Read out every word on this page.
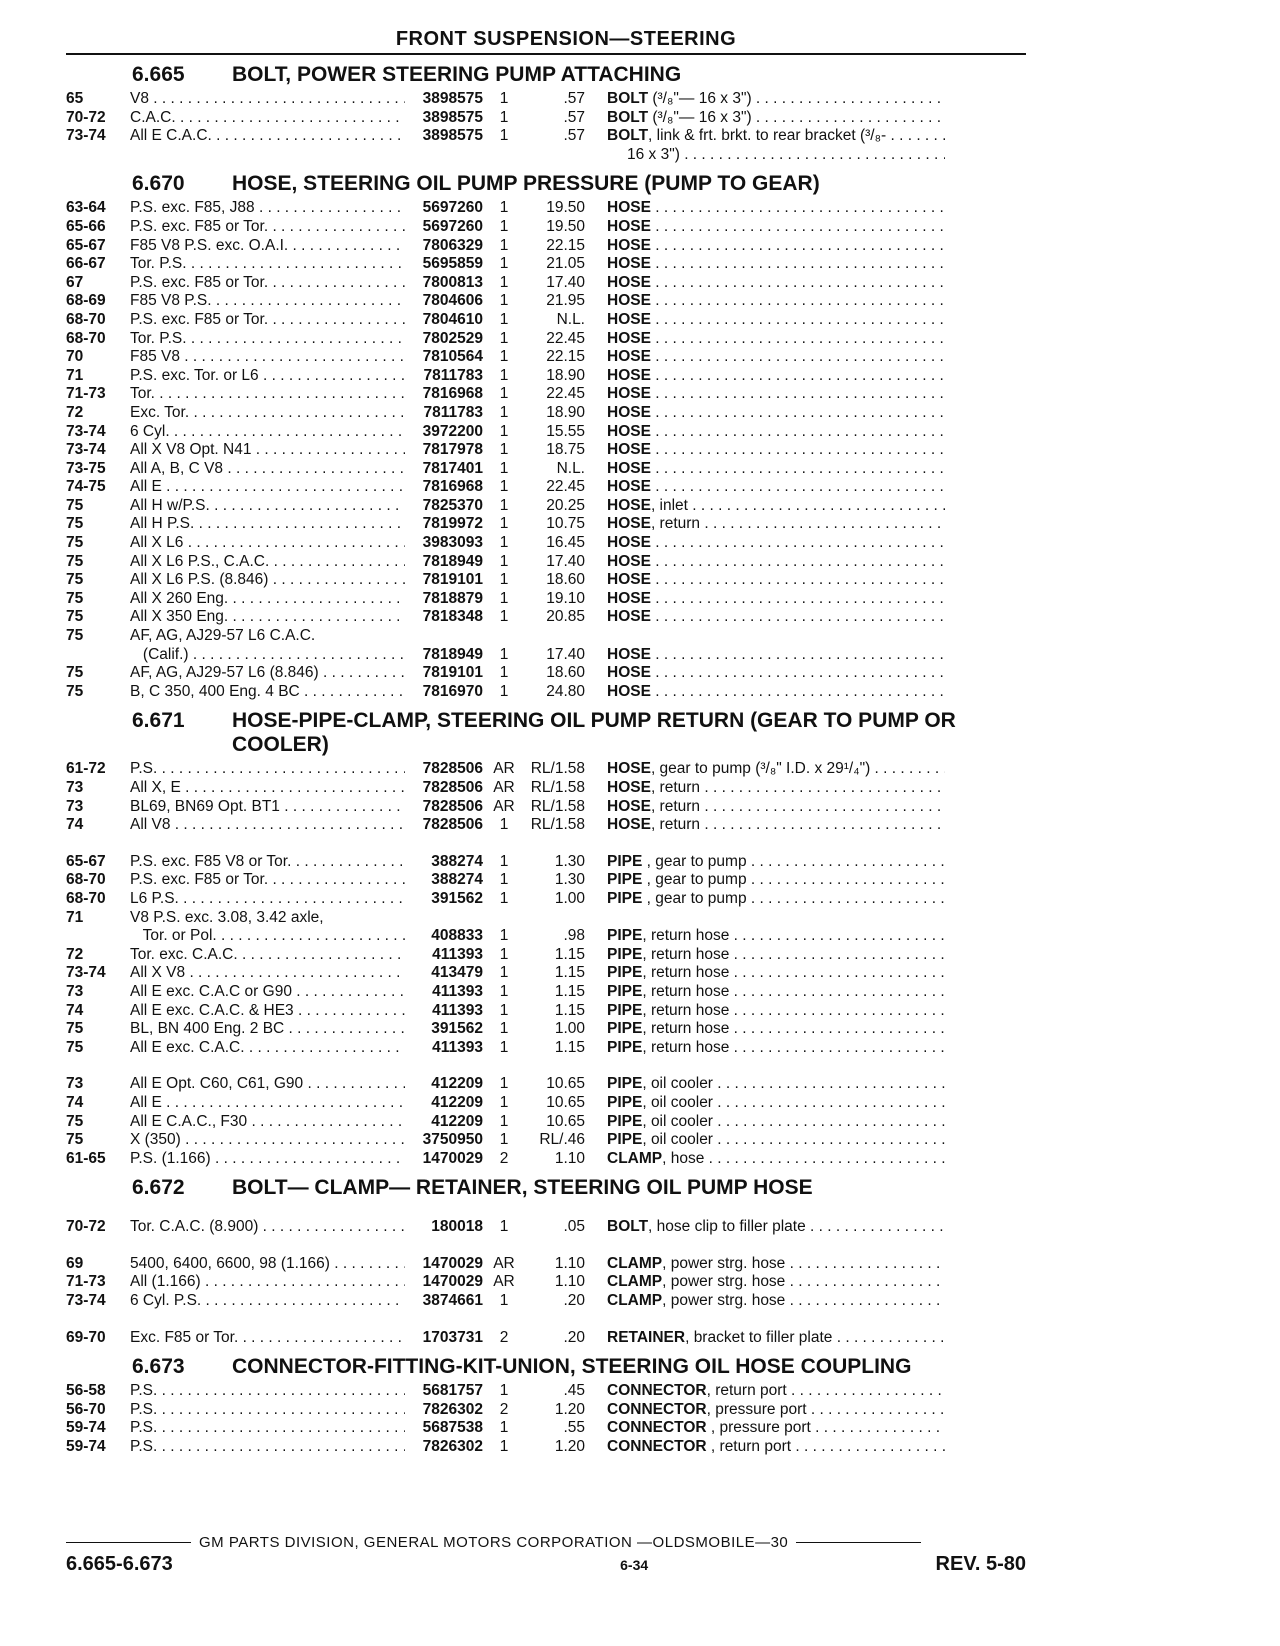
FRONT SUSPENSION—STEERING
6.665	BOLT, POWER STEERING PUMP ATTACHING
65	V8 . . .	3898575	1	.57	BOLT (³/₈"— 16 x 3") . . .
70-72	C.A.C. . . .	3898575	1	.57	BOLT (³/₈"— 16 x 3") . . .
73-74	All E C.A.C. . . .	3898575	1	.57	BOLT, link & frt. brkt. to rear bracket (³/₈- . . .
16 x 3") . . .
6.670	HOSE, STEERING OIL PUMP PRESSURE (PUMP TO GEAR)
63-64	P.S. exc. F85, J88 . . .	5697260	1	19.50	HOSE . . .
65-66	P.S. exc. F85 or Tor. . . .	5697260	1	19.50	HOSE . . .
65-67	F85 V8 P.S. exc. O.A.I. . . .	7806329	1	22.15	HOSE . . .
66-67	Tor. P.S. . . .	5695859	1	21.05	HOSE . . .
67	P.S. exc. F85 or Tor. . . .	7800813	1	17.40	HOSE . . .
68-69	F85 V8 P.S. . . .	7804606	1	21.95	HOSE . . .
68-70	P.S. exc. F85 or Tor. . . .	7804610	1	N.L.	HOSE . . .
68-70	Tor. P.S. . . .	7802529	1	22.45	HOSE . . .
70	F85 V8 . . .	7810564	1	22.15	HOSE . . .
71	P.S. exc. Tor. or L6 . . .	7811783	1	18.90	HOSE . . .
71-73	Tor. . . .	7816968	1	22.45	HOSE . . .
72	Exc. Tor. . . .	7811783	1	18.90	HOSE . . .
73-74	6 Cyl. . . .	3972200	1	15.55	HOSE . . .
73-74	All X V8 Opt. N41 . . .	7817978	1	18.75	HOSE . . .
73-75	All A, B, C V8 . . .	7817401	1	N.L.	HOSE . . .
74-75	All E . . .	7816968	1	22.45	HOSE . . .
75	All H w/P.S. . . .	7825370	1	20.25	HOSE, inlet . . .
75	All H P.S. . . .	7819972	1	10.75	HOSE, return . . .
75	All X L6 . . .	3983093	1	16.45	HOSE . . .
75	All X L6 P.S., C.A.C. . . .	7818949	1	17.40	HOSE . . .
75	All X L6 P.S. (8.846) . . .	7819101	1	18.60	HOSE . . .
75	All X 260 Eng. . . .	7818879	1	19.10	HOSE . . .
75	All X 350 Eng. . . .	7818348	1	20.85	HOSE . . .
75	AF, AG, AJ29-57 L6 C.A.C.
(Calif.) . . .	7818949	1	17.40	HOSE . . .
75	AF, AG, AJ29-57 L6 (8.846) . . .	7819101	1	18.60	HOSE . . .
75	B, C 350, 400 Eng. 4 BC . . .	7816970	1	24.80	HOSE . . .
6.671	HOSE-PIPE-CLAMP, STEERING OIL PUMP RETURN (GEAR TO PUMP OR COOLER)
61-72	P.S. . . .	7828506 AR	RL/1.58	HOSE, gear to pump (³/₈" I.D. x 29¹/₄") . . .
73	All X, E . . .	7828506 AR	RL/1.58	HOSE, return . . .
73	BL69, BN69 Opt. BT1 . . .	7828506 AR	RL/1.58	HOSE, return . . .
74	All V8 . . .	7828506	1	RL/1.58	HOSE, return . . .
65-67	P.S. exc. F85 V8 or Tor. . . .	388274	1	1.30	PIPE , gear to pump . . .
68-70	P.S. exc. F85 or Tor. . . .	388274	1	1.30	PIPE , gear to pump . . .
68-70	L6 P.S. . . .	391562	1	1.00	PIPE , gear to pump . . .
71	V8 P.S. exc. 3.08, 3.42 axle,
Tor. or Pol. . . .	408833	1	.98	PIPE, return hose . . .
72	Tor. exc. C.A.C. . . .	411393	1	1.15	PIPE, return hose . . .
73-74	All X V8 . . .	413479	1	1.15	PIPE, return hose . . .
73	All E exc. C.A.C or G90 . . .	411393	1	1.15	PIPE, return hose . . .
74	All E exc. C.A.C. & HE3 . . .	411393	1	1.15	PIPE, return hose . . .
75	BL, BN 400 Eng. 2 BC . . .	391562	1	1.00	PIPE, return hose . . .
75	All E exc. C.A.C. . . .	411393	1	1.15	PIPE, return hose . . .
73	All E Opt. C60, C61, G90 . . .	412209	1	10.65	PIPE, oil cooler . . .
74	All E . . .	412209	1	10.65	PIPE, oil cooler . . .
75	All E C.A.C., F30 . . .	412209	1	10.65	PIPE, oil cooler . . .
75	X (350) . . .	3750950	1	RL/.46	PIPE, oil cooler . . .
61-65	P.S. (1.166) . . .	1470029	2	1.10	CLAMP, hose . . .
6.672	BOLT— CLAMP— RETAINER, STEERING OIL PUMP HOSE
70-72	Tor. C.A.C. (8.900) . . .	180018	1	.05	BOLT, hose clip to filler plate . . .
69	5400, 6400, 6600, 98 (1.166) . . . .	1470029 AR	1.10	CLAMP, power strg. hose . . .
71-73	All (1.166) . . .	1470029 AR	1.10	CLAMP, power strg. hose . . .
73-74	6 Cyl. P.S. . . .	3874661	1	.20	CLAMP, power strg. hose . . .
69-70	Exc. F85 or Tor. . . .	1703731	2	.20	RETAINER, bracket to filler plate . . .
6.673	CONNECTOR-FITTING-KIT-UNION, STEERING OIL HOSE COUPLING
56-58	P.S. . . .	5681757	1	.45	CONNECTOR, return port . . .
56-70	P.S. . . .	7826302	2	1.20	CONNECTOR, pressure port . . .
59-74	P.S. . . .	5687538	1	.55	CONNECTOR , pressure port . . .
59-74	P.S. . . .	7826302	1	1.20	CONNECTOR , return port . . .
GM PARTS DIVISION, GENERAL MOTORS CORPORATION —OLDSMOBILE—30
6.665-6.673	6-34	REV. 5-80
